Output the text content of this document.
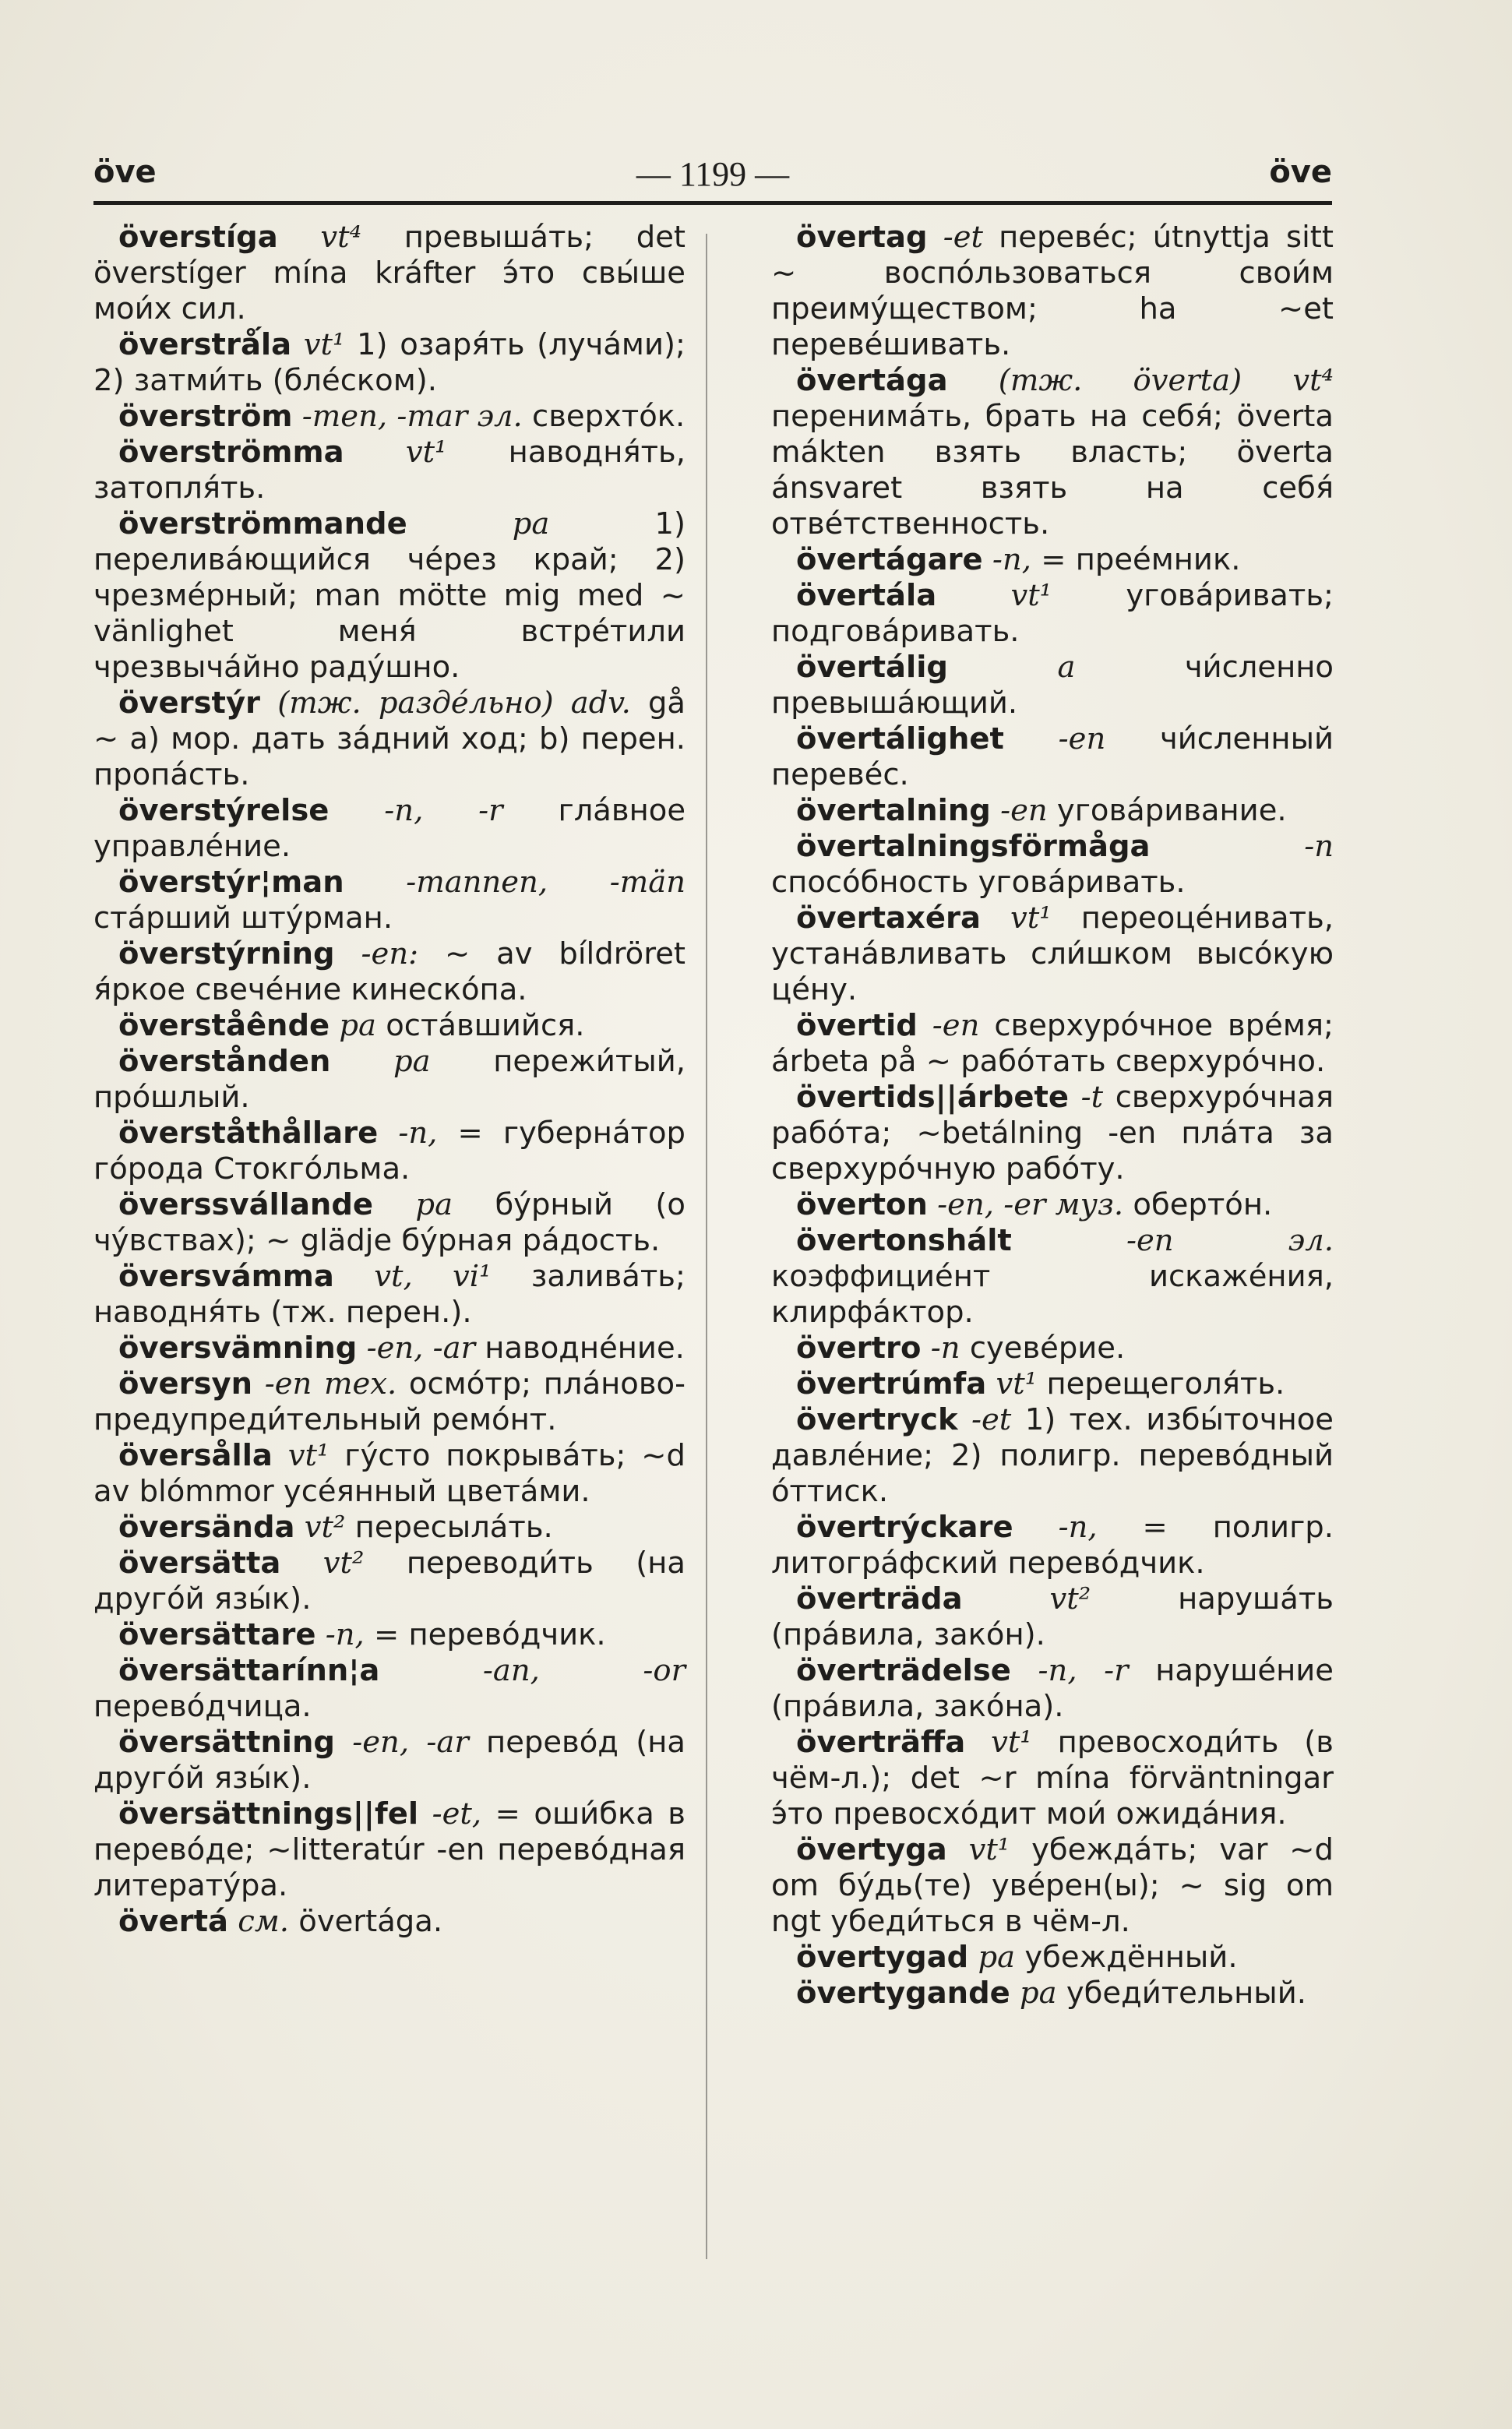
öve	— 1199 —	öve

överstíga vt⁴ превышáть; det överstíger mína kráfter э́то свы́ше мои́х сил.

överstrǻla vt¹ 1) озаря́ть (лучáми); 2) затми́ть (блéском).

överström -men, -mar эл. сверхтóк.

överströmma vt¹ наводня́ть, затопля́ть.

överströmmande	pa	1) переливáющийся чéрез край; 2) чрезмéрный; man mötte mig med ~ vänlighet меня́ встрéтили чрезвычáйно радýшно.

överstýr (тж. раздéльно) adv. gå ~ а) мор. дать зáдний ход; b) перен. пропáсть.

överstýrelse -n, -r глáвное управлéние.

överstýr¦man -mannen, -män стáрший штýрман.

överstýrning -en: ~ av bíldröret я́ркое свечéние кинескóпа.

överståênde pa остáвшийся.

överstånden pa пережи́тый, прóшлый.

överståthållare -n, = губернáтор гóрода Стокгóльма.

överssvállande pa бýрный (о чýвствах); ~ glädje бýрная рáдость.

översvámma vt, vi¹ заливáть; наводня́ть (тж. перен.).

översvämning -en, -ar наводнéние.

översyn -en тех. осмóтр; плáново-предупреди́тельный ремóнт.

översålla vt¹ гýсто покрывáть; ~d av blómmor усéянный цветáми.

översända vt² пересылáть.

översätta vt² переводи́ть (на другóй язы́к).

översättare -n, = перевóдчик.

översättarínn¦a	-an, -or перевóдчица.

översättning -en, -ar перевóд (на другóй язы́к).

översättnings||fel -et, = оши́бка в перевóде; ~litteratúr -en перевóдная литератýра.

övertá см. övertága.

övertag -et перевéс; útnyttja sitt ~ воспóльзоваться свои́м преимýществом; ha ~et перевéшивать.

övertága (тж. överta) vt⁴ перенимáть, брать на себя́; överta mákten взять власть; överta ánsvaret взять на себя́ отвéтственность.

övertágare -n, = преéмник.

övertála vt¹ уговáривать; подговáривать.

övertálig	a	чи́сленно превышáющий.

övertálighet -en чи́сленный перевéс.

övertalning -en уговáривание.

övertalningsförmåga	-n спосóбность уговáривать.

övertaxéra vt¹ переоцéнивать, устанáвливать сли́шком высóкую цéну.

övertid -en сверхурóчное врéмя; árbeta på ~ рабóтать сверхурóчно.

övertids||árbete -t сверхурóчная рабóта; ~betálning -en плáта за сверхурóчную рабóту.

överton -en, -er муз. обертóн.

övertonshált	-en эл. коэффициéнт искажéния, клирфáктор.

övertro -n суевéрие.

övertrúmfa vt¹ перещеголя́ть.

övertryck -et 1) тех. избы́точное давлéние; 2) полигр. перевóдный óттиск.

övertrýckare -n, = полигр. литогрáфский перевóдчик.

överträda	vt²	нарушáть (прáвила, закóн).

överträdelse -n, -r нарушéние (прáвила, закóна).

överträffa vt¹ превосходи́ть (в чём-л.); det ~r mína förväntningar э́то превосхóдит мои́ ожидáния.

övertyga vt¹ убеждáть; var ~d om бýдь(те) увéрен(ы); ~ sig om ngt убеди́ться в чём-л.

övertygad pa убеждённый.

övertygande pa убеди́тельный.
